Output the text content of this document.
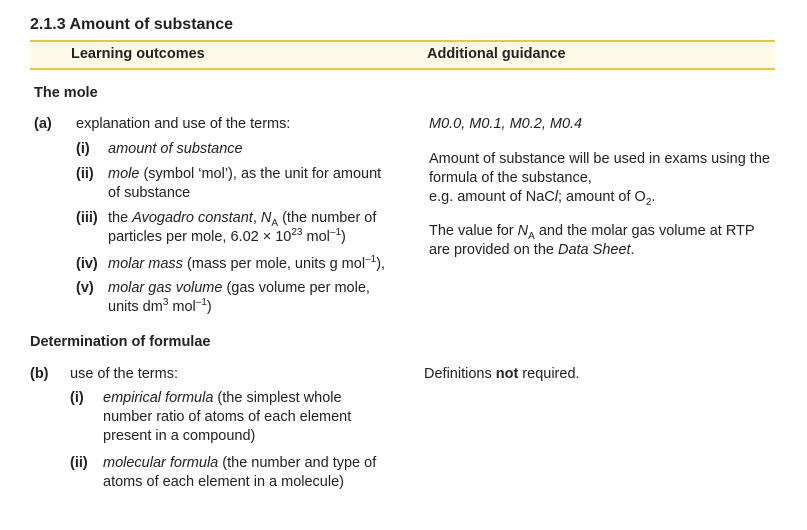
2.1.3 Amount of substance
Learning outcomes	Additional guidance
The mole
(a) explanation and use of the terms:
(i) amount of substance
(ii) mole (symbol ‘mol’), as the unit for amount
of substance
(iii) the Avogadro constant, $N_A$ (the number of
particles per mole, $6.02 \times 10^{23}$ mol$^{-1}$)
(iv) molar mass (mass per mole, units g mol$^{-1}$),
(v) molar gas volume (gas volume per mole,
units $dm^3$ mol$^{-1}$)
M0.0, M0.1, M0.2, M0.4
Amount of substance will be used in exams using the
formula of the substance,
e.g. amount of NaCl; amount of $O_2$.
The value for $N_A$ and the molar gas volume at RTP
are provided on the Data Sheet.
Determination of formulae
(b) use of the terms:
(i) empirical formula (the simplest whole
number ratio of atoms of each element
present in a compound)
(ii) molecular formula (the number and type of
atoms of each element in a molecule)
Definitions not required.
